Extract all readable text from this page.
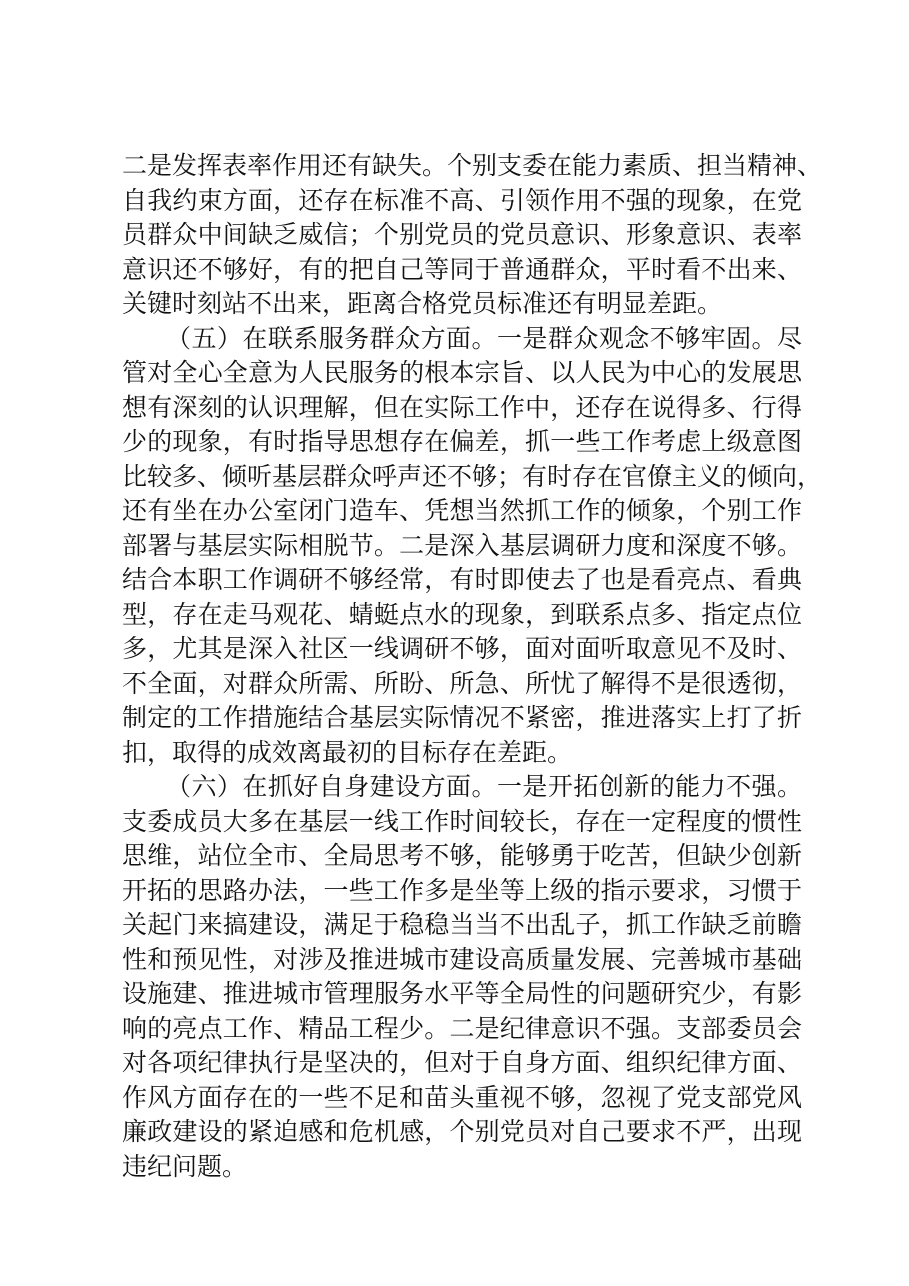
二是发挥表率作用还有缺失。个别支委在能力素质、担当精神、
自我约束方面，还存在标准不高、引领作用不强的现象，在党
员群众中间缺乏威信；个别党员的党员意识、形象意识、表率
意识还不够好，有的把自己等同于普通群众，平时看不出来、
关键时刻站不出来，距离合格党员标准还有明显差距。
（五）在联系服务群众方面。一是群众观念不够牢固。尽
管对全心全意为人民服务的根本宗旨、以人民为中心的发展思
想有深刻的认识理解，但在实际工作中，还存在说得多、行得
少的现象，有时指导思想存在偏差，抓一些工作考虑上级意图
比较多、倾听基层群众呼声还不够；有时存在官僚主义的倾向，
还有坐在办公室闭门造车、凭想当然抓工作的倾象，个别工作
部署与基层实际相脱节。二是深入基层调研力度和深度不够。
结合本职工作调研不够经常，有时即使去了也是看亮点、看典
型，存在走马观花、蜻蜓点水的现象，到联系点多、指定点位
多，尤其是深入社区一线调研不够，面对面听取意见不及时、
不全面，对群众所需、所盼、所急、所忧了解得不是很透彻，
制定的工作措施结合基层实际情况不紧密，推进落实上打了折
扣，取得的成效离最初的目标存在差距。
（六）在抓好自身建设方面。一是开拓创新的能力不强。
支委成员大多在基层一线工作时间较长，存在一定程度的惯性
思维，站位全市、全局思考不够，能够勇于吃苦，但缺少创新
开拓的思路办法，一些工作多是坐等上级的指示要求，习惯于
关起门来搞建设，满足于稳稳当当不出乱子，抓工作缺乏前瞻
性和预见性，对涉及推进城市建设高质量发展、完善城市基础
设施建、推进城市管理服务水平等全局性的问题研究少，有影
响的亮点工作、精品工程少。二是纪律意识不强。支部委员会
对各项纪律执行是坚决的，但对于自身方面、组织纪律方面、
作风方面存在的一些不足和苗头重视不够，忽视了党支部党风
廉政建设的紧迫感和危机感，个别党员对自己要求不严，出现
违纪问题。
